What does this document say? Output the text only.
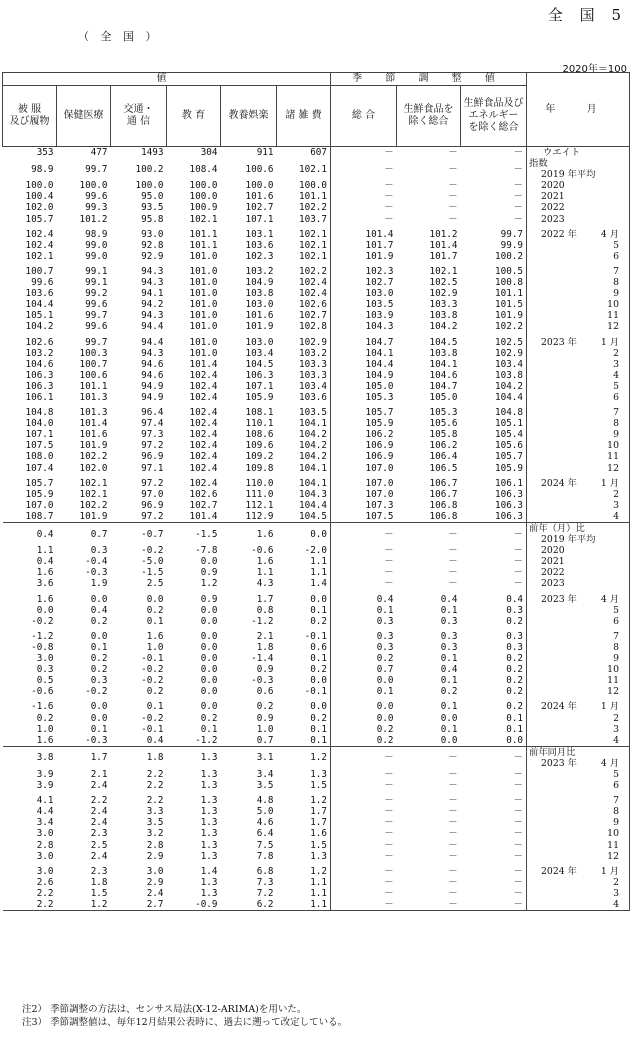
全 国 5
（ 全 国 ）
2020年＝100
値						季 節 調 整 値			年 月
被 服
及び履物	保健医療	交通・
通 信	教 育	教養娯楽	諸 雑 費	総 合	生鮮食品を
除く総合	生鮮食品及び
エネルギー
を除く総合	
353	477	1493	304	911	607	－	－	－	ウエイト
98.9	99.7	100.2	108.4	100.6	102.1	－	－	－	指数
2019 年平均
100.0	100.0	100.0	100.0	100.0	100.0	－	－	－	2020
100.4	99.6	95.0	100.0	101.6	101.1	－	－	－	2021
102.0	99.3	93.5	100.9	102.7	102.2	－	－	－	2022
105.7	101.2	95.8	102.1	107.1	103.7	－	－	－	2023
102.4	98.9	93.0	101.1	103.1	102.1	101.4	101.2	99.7	2022 年 4 月
102.4	99.0	92.8	101.1	103.6	102.1	101.7	101.4	99.9	5
102.1	99.0	92.9	101.0	102.3	102.1	101.9	101.7	100.2	6
100.7	99.1	94.3	101.0	103.2	102.2	102.3	102.1	100.5	7
99.6	99.1	94.3	101.0	104.9	102.4	102.7	102.5	100.8	8
103.6	99.2	94.1	101.0	103.8	102.4	103.0	102.9	101.1	9
104.4	99.6	94.2	101.0	103.0	102.6	103.5	103.3	101.5	10
105.1	99.7	94.3	101.0	101.6	102.7	103.9	103.8	101.9	11
104.2	99.6	94.4	101.0	101.9	102.8	104.3	104.2	102.2	12
102.6	99.7	94.4	101.0	103.0	102.9	104.7	104.5	102.5	2023 年 1 月
103.2	100.3	94.3	101.0	103.4	103.2	104.1	103.8	102.9	2
104.6	100.7	94.6	101.4	104.5	103.3	104.4	104.1	103.4	3
106.3	100.6	94.6	102.4	106.3	103.3	104.9	104.6	103.8	4
106.3	101.1	94.9	102.4	107.1	103.4	105.0	104.7	104.2	5
106.1	101.3	94.9	102.4	105.9	103.6	105.3	105.0	104.4	6
104.8	101.3	96.4	102.4	108.1	103.5	105.7	105.3	104.8	7
104.0	101.4	97.4	102.4	110.1	104.1	105.9	105.6	105.1	8
107.1	101.6	97.3	102.4	108.6	104.2	106.2	105.8	105.4	9
107.5	101.9	97.2	102.4	109.6	104.2	106.9	106.2	105.6	10
108.0	102.2	96.9	102.4	109.2	104.2	106.9	106.4	105.7	11
107.4	102.0	97.1	102.4	109.8	104.1	107.0	106.5	105.9	12
105.7	102.1	97.2	102.4	110.0	104.1	107.0	106.7	106.1	2024 年 1 月
105.9	102.1	97.0	102.6	111.0	104.3	107.0	106.7	106.3	2
107.0	102.2	96.9	102.7	112.1	104.4	107.3	106.8	106.3	3
108.7	101.9	97.2	101.4	112.9	104.5	107.5	106.8	106.3	4
0.4	0.7	-0.7	-1.5	1.6	0.0	－	－	－	前年（月）比
2019 年平均
1.1	0.3	-0.2	-7.8	-0.6	-2.0	－	－	－	2020
0.4	-0.4	-5.0	0.0	1.6	1.1	－	－	－	2021
1.6	-0.3	-1.5	0.9	1.1	1.1	－	－	－	2022
3.6	1.9	2.5	1.2	4.3	1.4	－	－	－	2023
1.6	0.0	0.0	0.9	1.7	0.0	0.4	0.4	0.4	2023 年 4 月
0.0	0.4	0.2	0.0	0.8	0.1	0.1	0.1	0.3	5
-0.2	0.2	0.1	0.0	-1.2	0.2	0.3	0.3	0.2	6
-1.2	0.0	1.6	0.0	2.1	-0.1	0.3	0.3	0.3	7
-0.8	0.1	1.0	0.0	1.8	0.6	0.3	0.3	0.3	8
3.0	0.2	-0.1	0.0	-1.4	0.1	0.2	0.1	0.2	9
0.3	0.2	-0.2	0.0	0.9	0.2	0.7	0.4	0.2	10
0.5	0.3	-0.2	0.0	-0.3	0.0	0.0	0.1	0.2	11
-0.6	-0.2	0.2	0.0	0.6	-0.1	0.1	0.2	0.2	12
-1.6	0.0	0.1	0.0	0.2	0.0	0.0	0.1	0.2	2024 年 1 月
0.2	0.0	-0.2	0.2	0.9	0.2	0.0	0.0	0.1	2
1.0	0.1	-0.1	0.1	1.0	0.1	0.2	0.1	0.1	3
1.6	-0.3	0.4	-1.2	0.7	0.1	0.2	0.0	0.0	4
3.8	1.7	1.8	1.3	3.1	1.2	－	－	－	前年同月比
2023 年 4 月
3.9	2.1	2.2	1.3	3.4	1.3	－	－	－	5
3.9	2.4	2.2	1.3	3.5	1.5	－	－	－	6
4.1	2.2	2.2	1.3	4.8	1.2	－	－	－	7
4.4	2.4	3.3	1.3	5.0	1.7	－	－	－	8
3.4	2.4	3.5	1.3	4.6	1.7	－	－	－	9
3.0	2.3	3.2	1.3	6.4	1.6	－	－	－	10
2.8	2.5	2.8	1.3	7.5	1.5	－	－	－	11
3.0	2.4	2.9	1.3	7.8	1.3	－	－	－	12
3.0	2.3	3.0	1.4	6.8	1.2	－	－	－	2024 年 1 月
2.6	1.8	2.9	1.3	7.3	1.1	－	－	－	2
2.2	1.5	2.4	1.3	7.2	1.1	－	－	－	3
2.2	1.2	2.7	-0.9	6.2	1.1	－	－	－	4
注2） 季節調整の方法は、センサス局法(X-12-ARIMA)を用いた。
注3） 季節調整値は、毎年12月結果公表時に、過去に遡って改定している。
